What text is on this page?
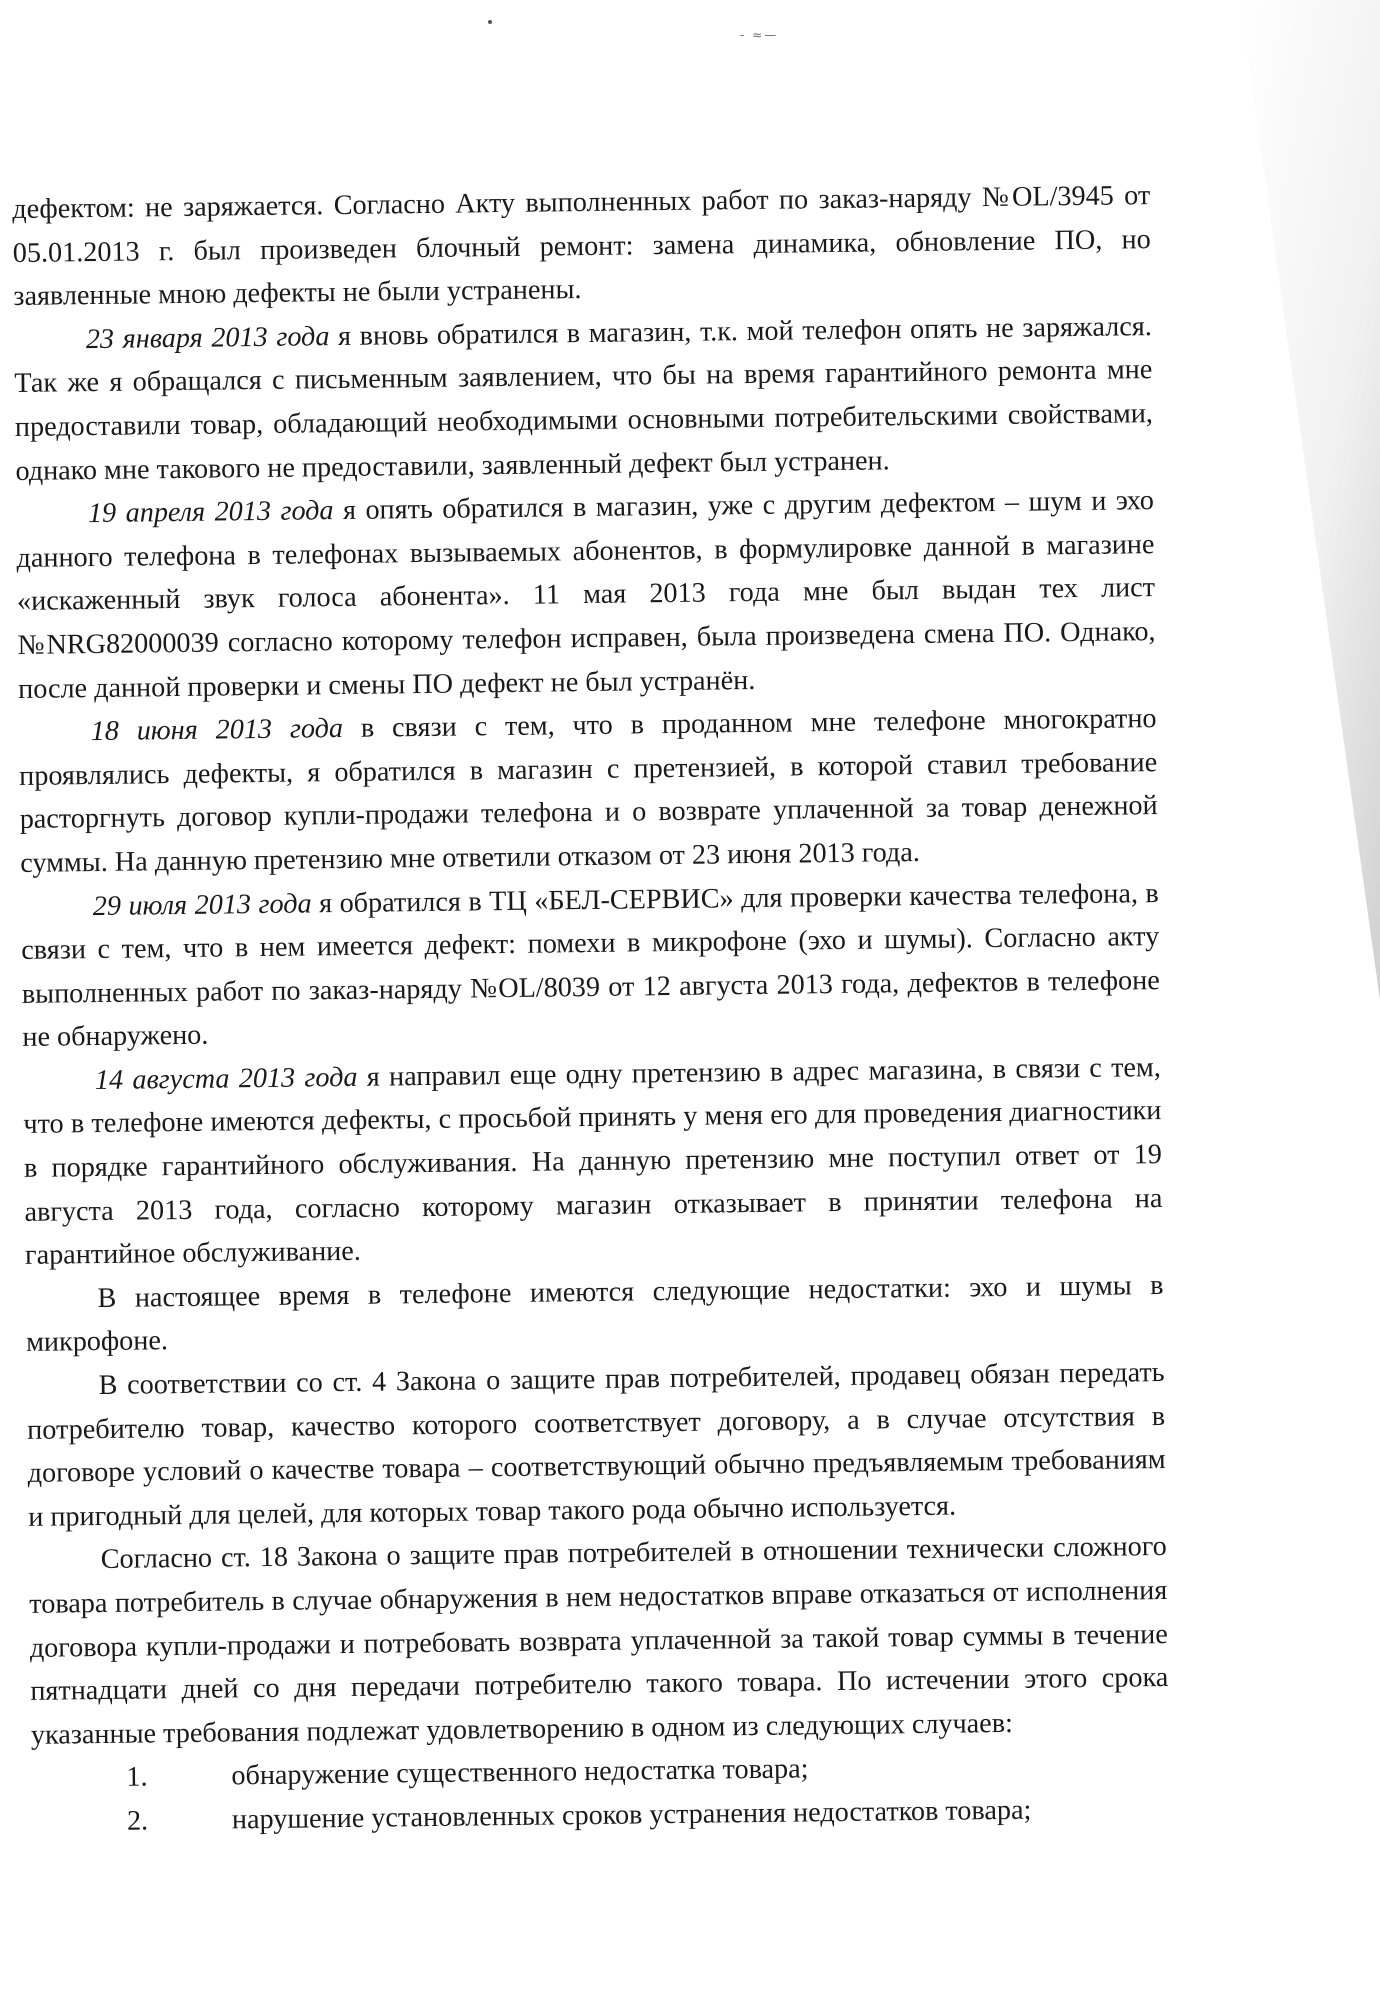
- ≈—

дефектом: не заряжается. Согласно Акту выполненных работ по заказ-наряду №OL/3945 от 05.01.2013 г. был произведен блочный ремонт: замена динамика, обновление ПО, но заявленные мною дефекты не были устранены.

23 января 2013 года я вновь обратился в магазин, т.к. мой телефон опять не заряжался. Так же я обращался с письменным заявлением, что бы на время гарантийного ремонта мне предоставили товар, обладающий необходимыми основными потребительскими свойствами, однако мне такового не предоставили, заявленный дефект был устранен.

19 апреля 2013 года я опять обратился в магазин, уже с другим дефектом – шум и эхо данного телефона в телефонах вызываемых абонентов, в формулировке данной в магазине «искаженный звук голоса абонента». 11 мая 2013 года мне был выдан тех лист №NRG82000039 согласно которому телефон исправен, была произведена смена ПО. Однако, после данной проверки и смены ПО дефект не был устранён.

18 июня 2013 года в связи с тем, что в проданном мне телефоне многократно проявлялись дефекты, я обратился в магазин с претензией, в которой ставил требование расторгнуть договор купли-продажи телефона и о возврате уплаченной за товар денежной суммы. На данную претензию мне ответили отказом от 23 июня 2013 года.

29 июля 2013 года я обратился в ТЦ «БЕЛ-СЕРВИС» для проверки качества телефона, в связи с тем, что в нем имеется дефект: помехи в микрофоне (эхо и шумы). Согласно акту выполненных работ по заказ-наряду №OL/8039 от 12 августа 2013 года, дефектов в телефоне не обнаружено.

14 августа 2013 года я направил еще одну претензию в адрес магазина, в связи с тем, что в телефоне имеются дефекты, с просьбой принять у меня его для проведения диагностики в порядке гарантийного обслуживания. На данную претензию мне поступил ответ от 19 августа 2013 года, согласно которому магазин отказывает в принятии телефона на гарантийное обслуживание.

В настоящее время в телефоне имеются следующие недостатки: эхо и шумы в микрофоне.

В соответствии со ст. 4 Закона о защите прав потребителей, продавец обязан передать потребителю товар, качество которого соответствует договору, а в случае отсутствия в договоре условий о качестве товара – соответствующий обычно предъявляемым требованиям и пригодный для целей, для которых товар такого рода обычно используется.

Согласно ст. 18 Закона о защите прав потребителей в отношении технически сложного товара потребитель в случае обнаружения в нем недостатков вправе отказаться от исполнения договора купли-продажи и потребовать возврата уплаченной за такой товар суммы в течение пятнадцати дней со дня передачи потребителю такого товара. По истечении этого срока указанные требования подлежат удовлетворению в одном из следующих случаев:

1.	обнаружение существенного недостатка товара;
2.	нарушение установленных сроков устранения недостатков товара;
